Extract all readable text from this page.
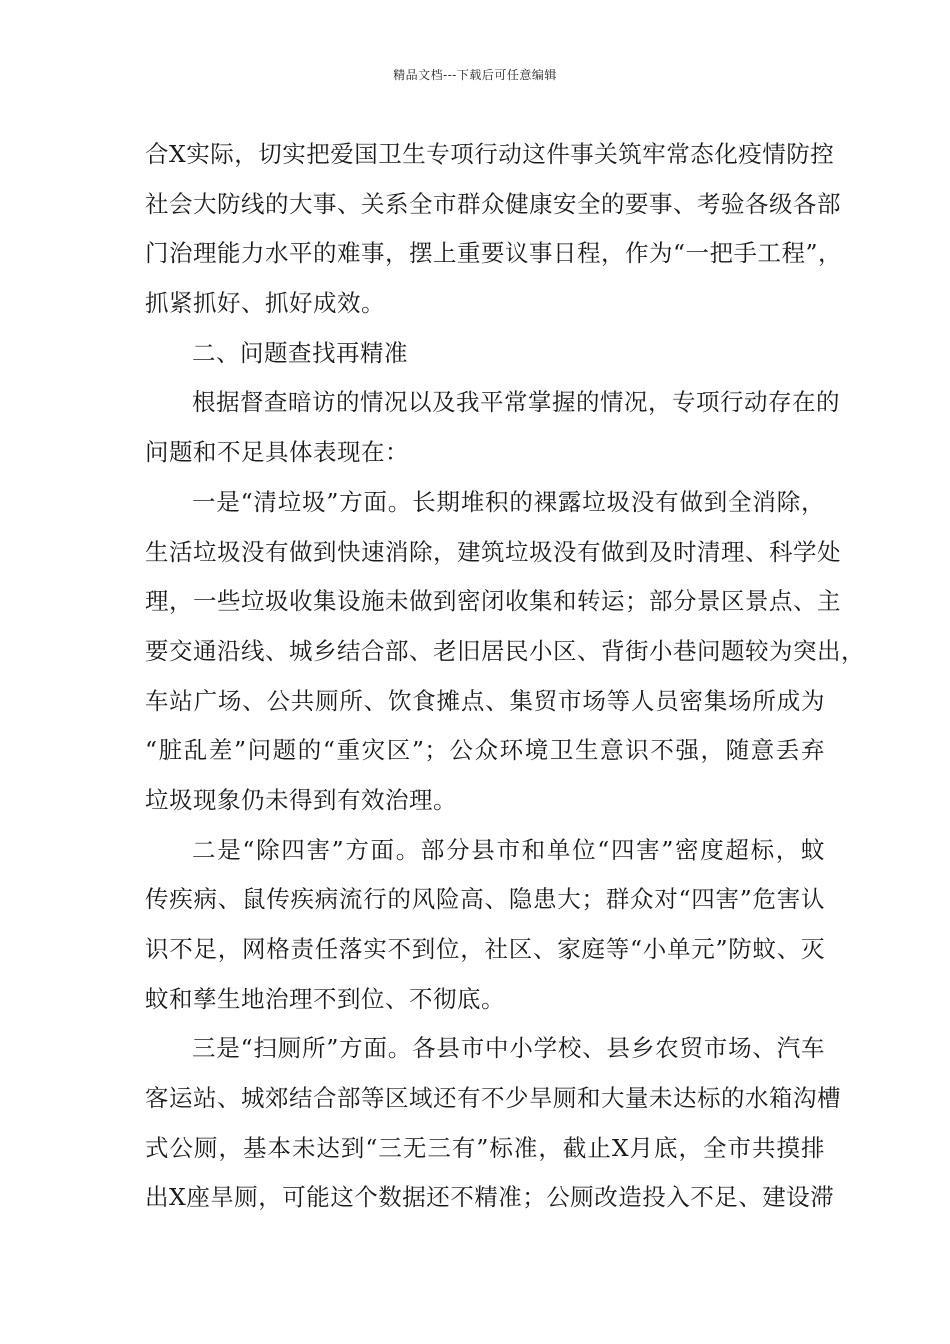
精品文档---下载后可任意编辑
合X实际，切实把爱国卫生专项行动这件事关筑牢常态化疫情防控
社会大防线的大事、关系全市群众健康安全的要事、考验各级各部
门治理能力水平的难事，摆上重要议事日程，作为“一把手工程”，
抓紧抓好、抓好成效。
二、问题查找再精准
根据督查暗访的情况以及我平常掌握的情况，专项行动存在的
问题和不足具体表现在：
一是“清垃圾”方面。长期堆积的裸露垃圾没有做到全消除，
生活垃圾没有做到快速消除，建筑垃圾没有做到及时清理、科学处
理，一些垃圾收集设施未做到密闭收集和转运；部分景区景点、主
要交通沿线、城乡结合部、老旧居民小区、背街小巷问题较为突出，
车站广场、公共厕所、饮食摊点、集贸市场等人员密集场所成为
“脏乱差”问题的“重灾区”；公众环境卫生意识不强，随意丢弃
垃圾现象仍未得到有效治理。
二是“除四害”方面。部分县市和单位“四害”密度超标，蚊
传疾病、鼠传疾病流行的风险高、隐患大；群众对“四害”危害认
识不足，网格责任落实不到位，社区、家庭等“小单元”防蚊、灭
蚊和孳生地治理不到位、不彻底。
三是“扫厕所”方面。各县市中小学校、县乡农贸市场、汽车
客运站、城郊结合部等区域还有不少旱厕和大量未达标的水箱沟槽
式公厕，基本未达到“三无三有”标准，截止X月底，全市共摸排
出X座旱厕，可能这个数据还不精准；公厕改造投入不足、建设滞
